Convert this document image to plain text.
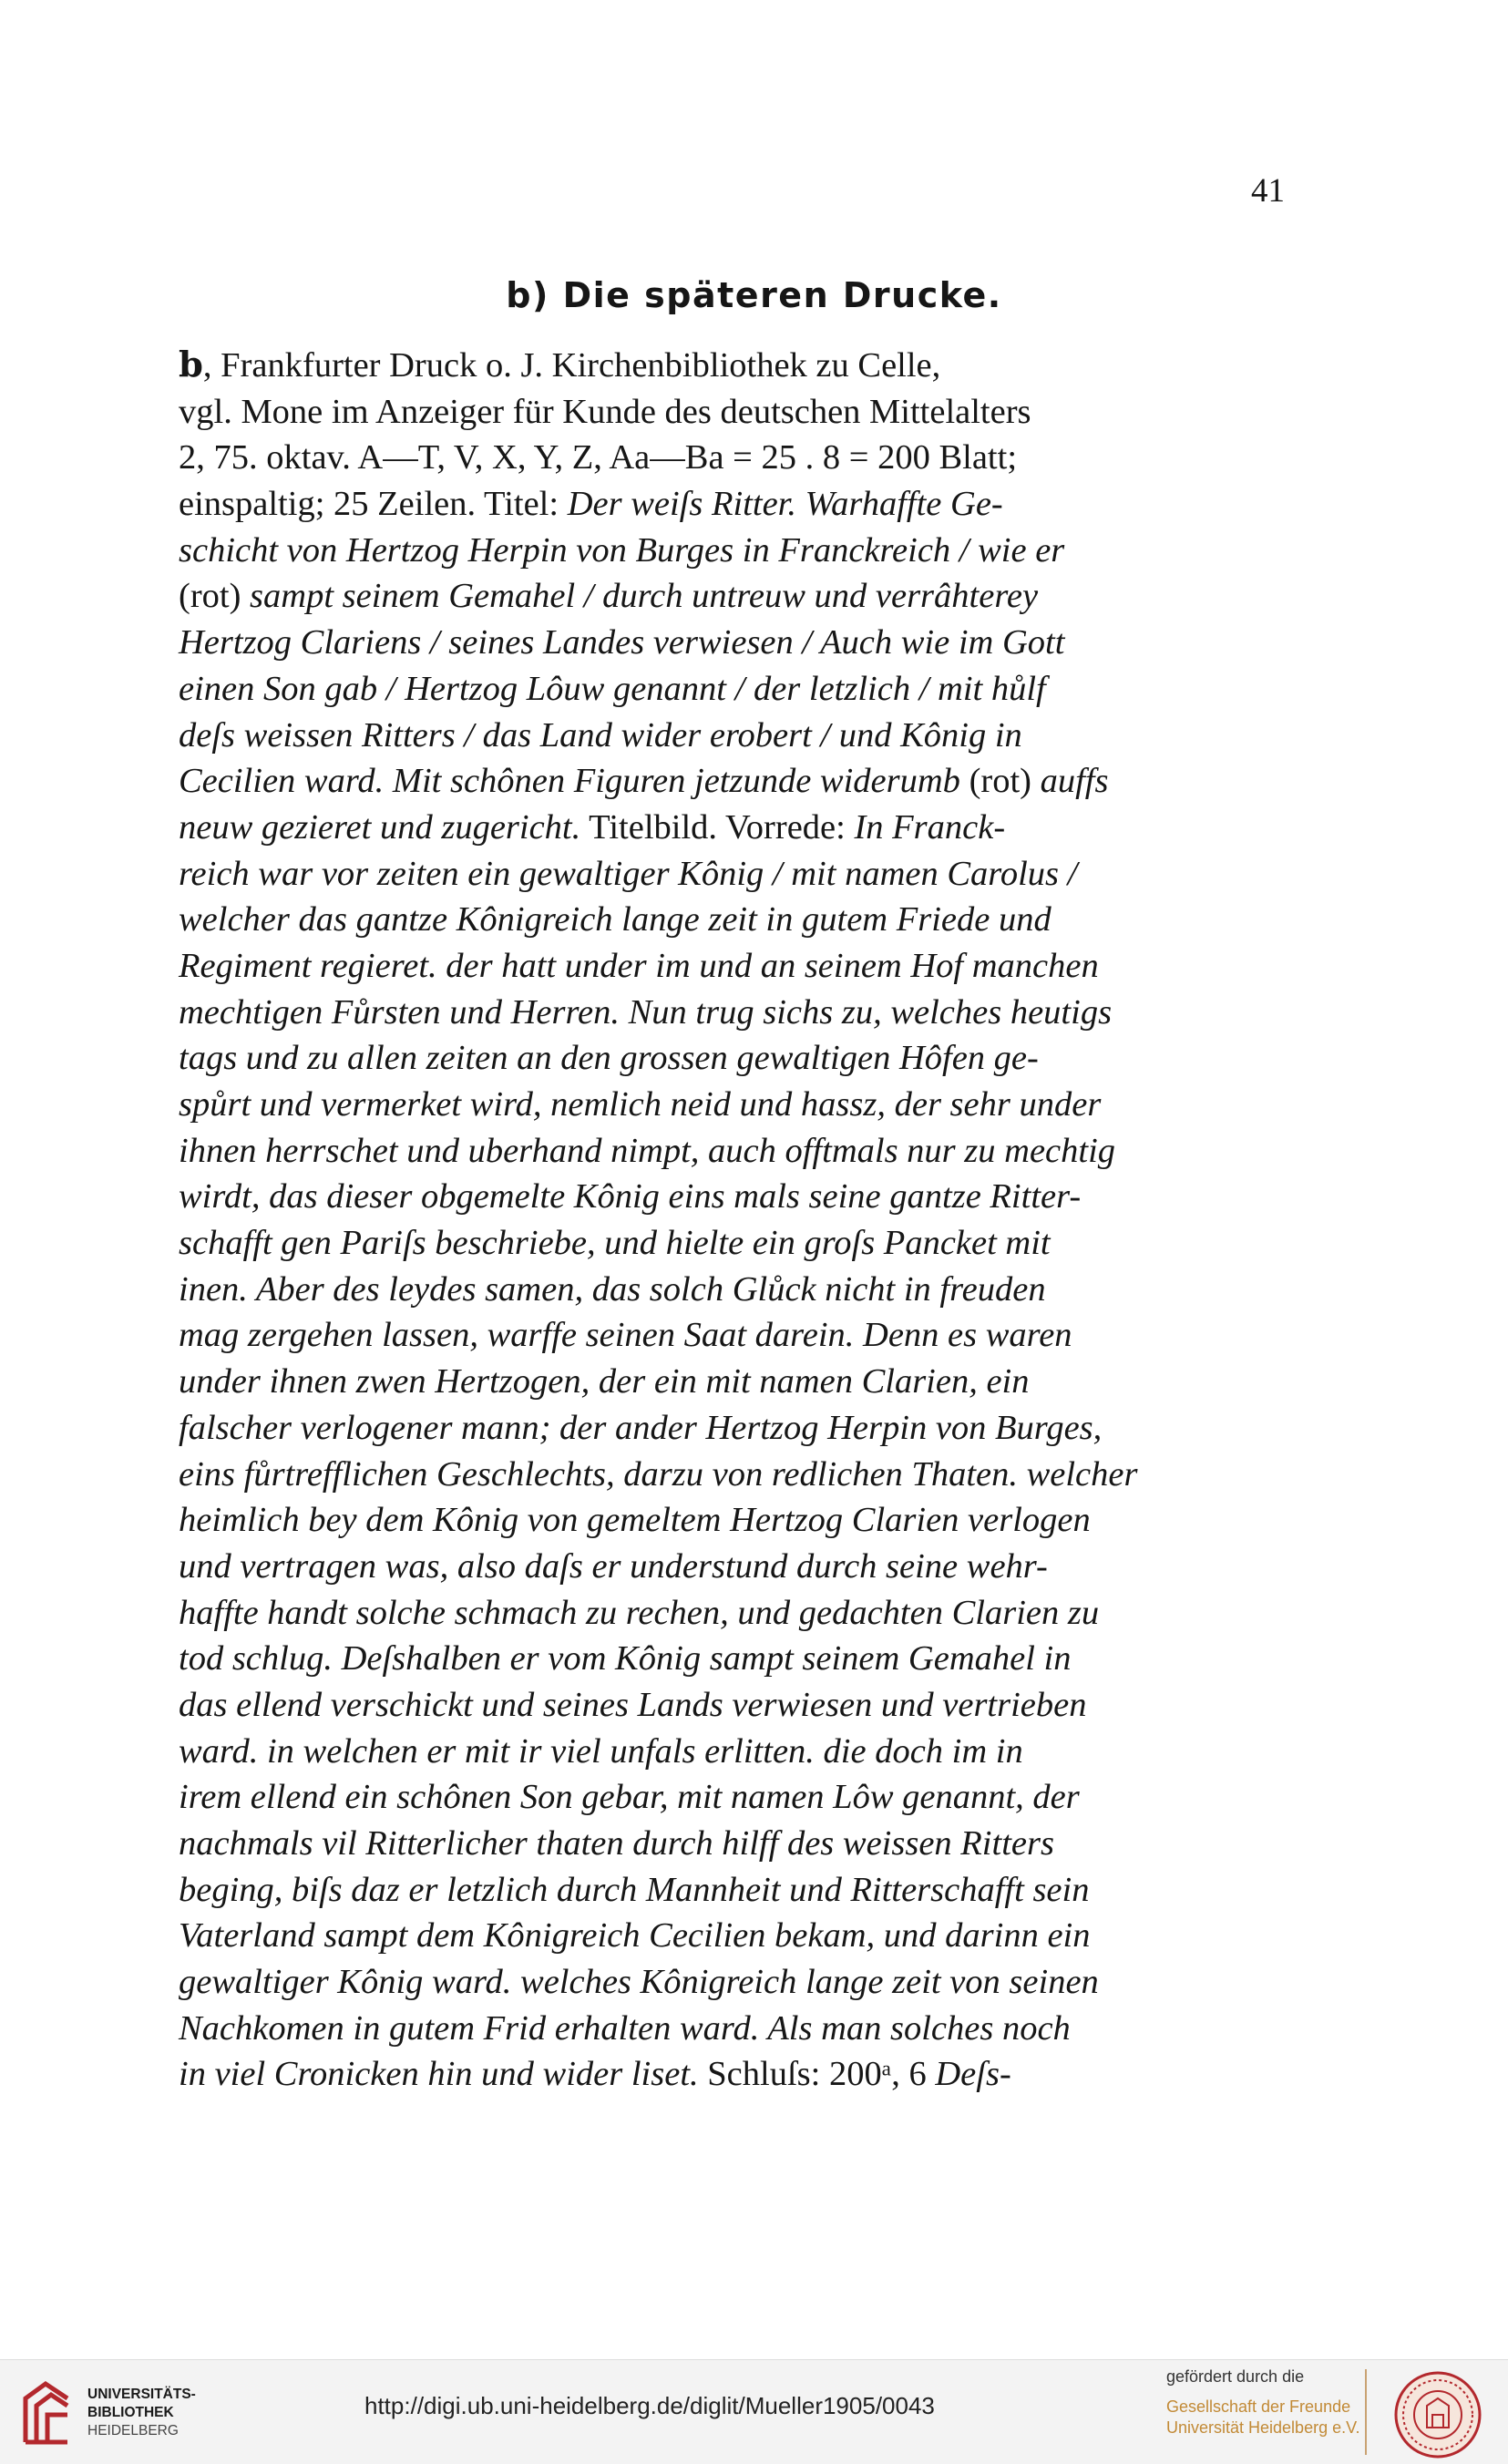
41
b) Die späteren Drucke.
b, Frankfurter Druck o. J. Kirchenbibliothek zu Celle,
vgl. Mone im Anzeiger für Kunde des deutschen Mittelalters
2, 75. oktav. A—T, V, X, Y, Z, Aa—Ba = 25 . 8 = 200 Blatt;
einspaltig; 25 Zeilen. Titel: Der weiſs Ritter. Warhaffte Ge-
schicht von Hertzog Herpin von Burges in Franckreich / wie er
(rot) sampt seinem Gemahel / durch untreuw und verrâhterey
Hertzog Clariens / seines Landes verwiesen / Auch wie im Gott
einen Son gab / Hertzog Lôuw genannt / der letzlich / mit hůlf
deſs weissen Ritters / das Land wider erobert / und Kônig in
Cecilien ward. Mit schônen Figuren jetzunde widerumb (rot) auffs
neuw gezieret und zugericht. Titelbild. Vorrede: In Franck-
reich war vor zeiten ein gewaltiger Kônig / mit namen Carolus /
welcher das gantze Kônigreich lange zeit in gutem Friede und
Regiment regieret. der hatt under im und an seinem Hof manchen
mechtigen Fůrsten und Herren. Nun trug sichs zu, welches heutigs
tags und zu allen zeiten an den grossen gewaltigen Hôfen ge-
spůrt und vermerket wird, nemlich neid und hassz, der sehr under
ihnen herrschet und uberhand nimpt, auch offtmals nur zu mechtig
wirdt, das dieser obgemelte Kônig eins mals seine gantze Ritter-
schafft gen Pariſs beschriebe, und hielte ein groſs Pancket mit
inen. Aber des leydes samen, das solch Glůck nicht in freuden
mag zergehen lassen, warffe seinen Saat darein. Denn es waren
under ihnen zwen Hertzogen, der ein mit namen Clarien, ein
falscher verlogener mann; der ander Hertzog Herpin von Burges,
eins fůrtrefflichen Geschlechts, darzu von redlichen Thaten. welcher
heimlich bey dem Kônig von gemeltem Hertzog Clarien verlogen
und vertragen was, also daſs er understund durch seine wehr-
haffte handt solche schmach zu rechen, und gedachten Clarien zu
tod schlug. Deſshalben er vom Kônig sampt seinem Gemahel in
das ellend verschickt und seines Lands verwiesen und vertrieben
ward. in welchen er mit ir viel unfals erlitten. die doch im in
irem ellend ein schônen Son gebar, mit namen Lôw genannt, der
nachmals vil Ritterlicher thaten durch hilff des weissen Ritters
beging, biſs daz er letzlich durch Mannheit und Ritterschafft sein
Vaterland sampt dem Kônigreich Cecilien bekam, und darinn ein
gewaltiger Kônig ward. welches Kônigreich lange zeit von seinen
Nachkomen in gutem Frid erhalten ward. Als man solches noch
in viel Cronicken hin und wider liset. Schluſs: 200ᵃ, 6 Deſs-
UNIVERSITÄTS-
BIBLIOTHEK
HEIDELBERG
http://digi.ub.uni-heidelberg.de/diglit/Mueller1905/0043
gefördert durch die
Gesellschaft der Freunde
Universität Heidelberg e.V.
